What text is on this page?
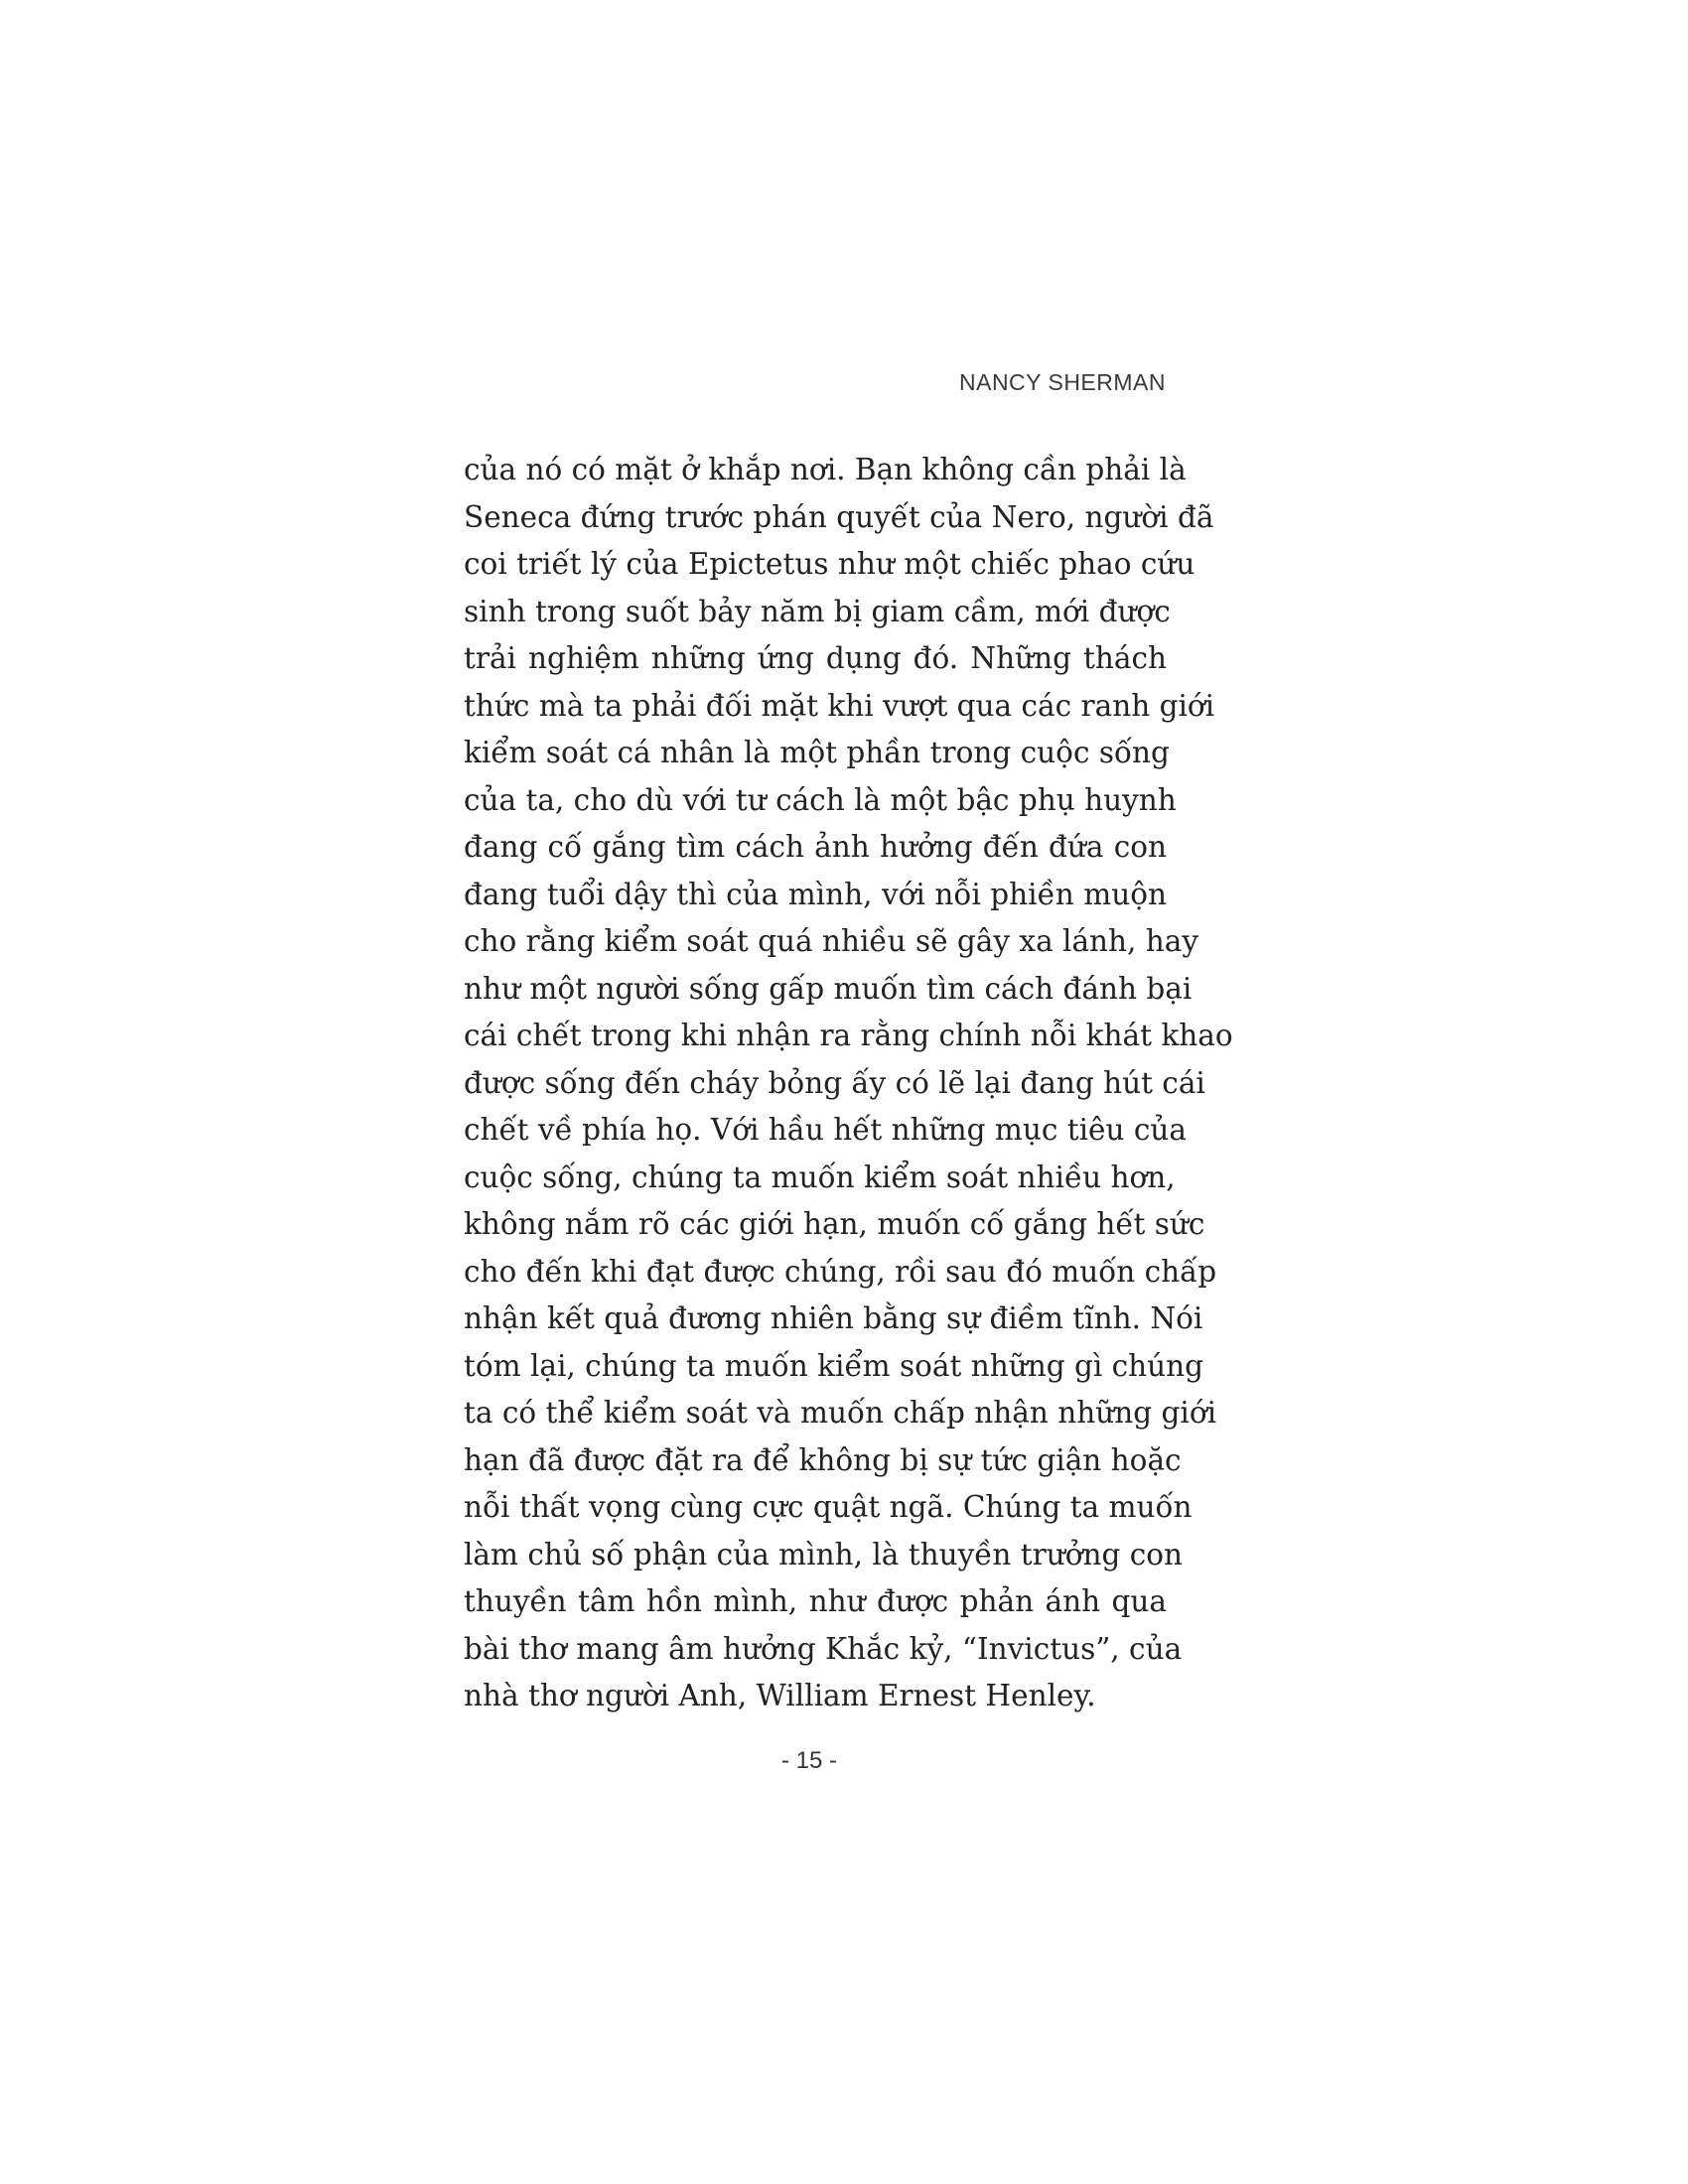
NANCY SHERMAN
của nó có mặt ở khắp nơi. Bạn không cần phải là
Seneca đứng trước phán quyết của Nero, người đã
coi triết lý của Epictetus như một chiếc phao cứu
sinh trong suốt bảy năm bị giam cầm, mới được
trải nghiệm những ứng dụng đó. Những thách
thức mà ta phải đối mặt khi vượt qua các ranh giới
kiểm soát cá nhân là một phần trong cuộc sống
của ta, cho dù với tư cách là một bậc phụ huynh
đang cố gắng tìm cách ảnh hưởng đến đứa con
đang tuổi dậy thì của mình, với nỗi phiền muộn
cho rằng kiểm soát quá nhiều sẽ gây xa lánh, hay
như một người sống gấp muốn tìm cách đánh bại
cái chết trong khi nhận ra rằng chính nỗi khát khao
được sống đến cháy bỏng ấy có lẽ lại đang hút cái
chết về phía họ. Với hầu hết những mục tiêu của
cuộc sống, chúng ta muốn kiểm soát nhiều hơn,
không nắm rõ các giới hạn, muốn cố gắng hết sức
cho đến khi đạt được chúng, rồi sau đó muốn chấp
nhận kết quả đương nhiên bằng sự điềm tĩnh. Nói
tóm lại, chúng ta muốn kiểm soát những gì chúng
ta có thể kiểm soát và muốn chấp nhận những giới
hạn đã được đặt ra để không bị sự tức giận hoặc
nỗi thất vọng cùng cực quật ngã. Chúng ta muốn
làm chủ số phận của mình, là thuyền trưởng con
thuyền tâm hồn mình, như được phản ánh qua
bài thơ mang âm hưởng Khắc kỷ, “Invictus”, của
nhà thơ người Anh, William Ernest Henley.
- 15 -
